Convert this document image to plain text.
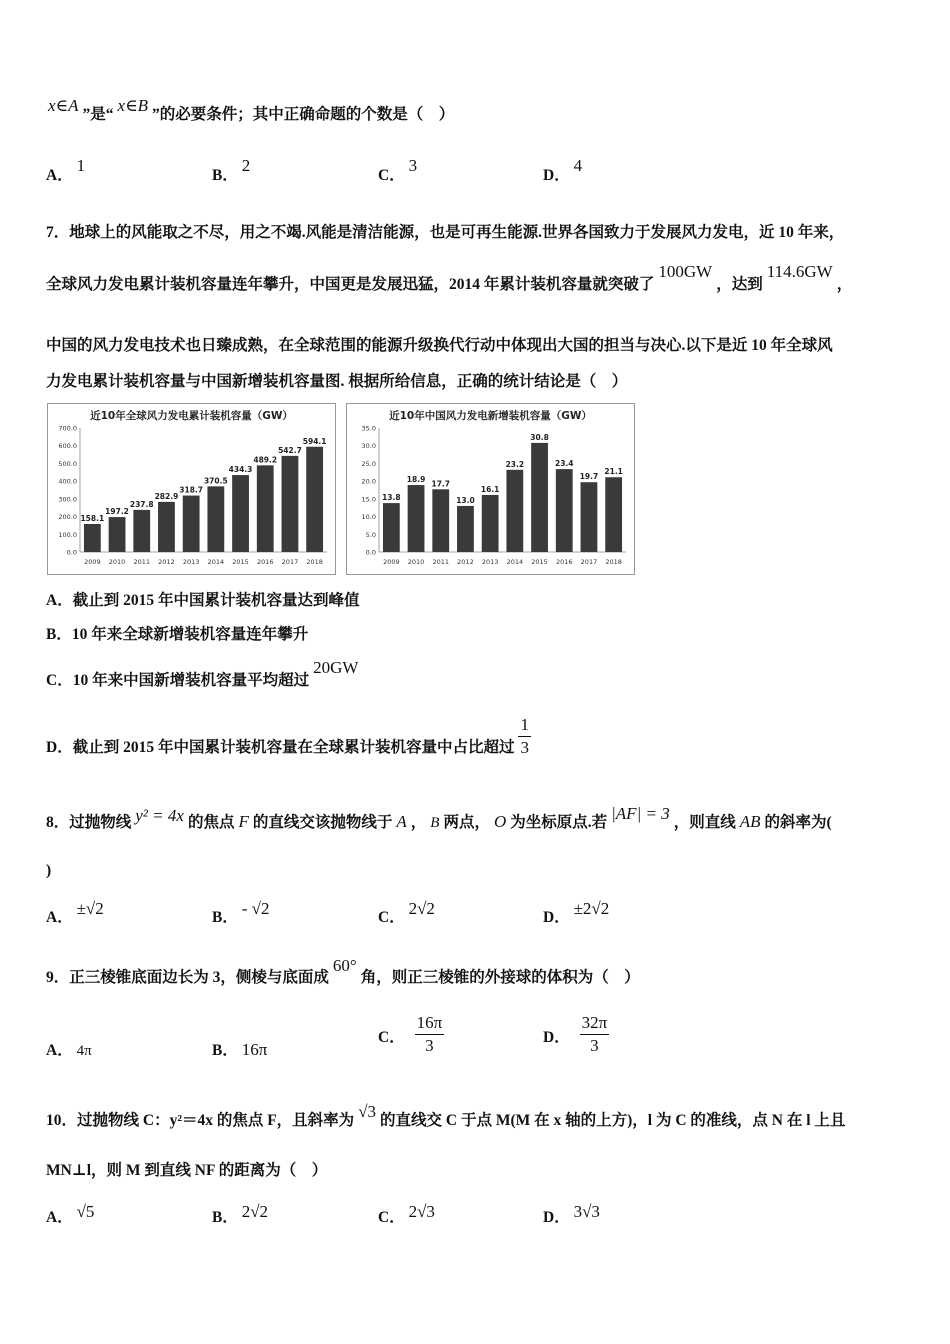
x∈A ”是“ x∈B ”的必要条件；其中正确命题的个数是（　）
A． 1
B． 2
C． 3
D． 4
7．地球上的风能取之不尽，用之不竭.风能是清洁能源，也是可再生能源.世界各国致力于发展风力发电，近 10 年来，
全球风力发电累计装机容量连年攀升，中国更是发展迅猛，2014 年累计装机容量就突破了 100GW ，达到 114.6GW ，
中国的风力发电技术也日臻成熟，在全球范围的能源升级换代行动中体现出大国的担当与决心.以下是近 10 年全球风
力发电累计装机容量与中国新增装机容量图. 根据所给信息，正确的统计结论是（　）
近10年全球风力发电累计装机容量（GW）
0.0
100.0
200.0
300.0
400.0
500.0
600.0
700.0
158.1
2009
197.2
2010
237.8
2011
282.9
2012
318.7
2013
370.5
2014
434.3
2015
489.2
2016
542.7
2017
594.1
2018
近10年中国风力发电新增装机容量（GW）
0.0
5.0
10.0
15.0
20.0
25.0
30.0
35.0
13.8
2009
18.9
2010
17.7
2011
13.0
2012
16.1
2013
23.2
2014
30.8
2015
23.4
2016
19.7
2017
21.1
2018
A．截止到 2015 年中国累计装机容量达到峰值
B．10 年来全球新增装机容量连年攀升
C．10 年来中国新增装机容量平均超过 20GW
D．截止到 2015 年中国累计装机容量在全球累计装机容量中占比超过 $\frac{1}{3}$
8．过抛物线 y² = 4x 的焦点 F 的直线交该抛物线于 A ， B 两点， O 为坐标原点.若 |AF| = 3 ，则直线 AB 的斜率为(
)
A． ±√2	B． - √2	C． 2√2	D． ±2√2
9．正三棱锥底面边长为 3，侧棱与底面成 60° 角，则正三棱锥的外接球的体积为（　）
A． 4π	B． 16π
C． $\frac{16\pi}{3}$	D． $\frac{32\pi}{3}$
10．过抛物线 C：y²＝4x 的焦点 F，且斜率为 √3 的直线交 C 于点 M(M 在 x 轴的上方)，l 为 C 的准线，点 N 在 l 上且
MN⊥l，则 M 到直线 NF 的距离为（　）
A． √5	B． 2√2	C． 2√3	D． 3√3
